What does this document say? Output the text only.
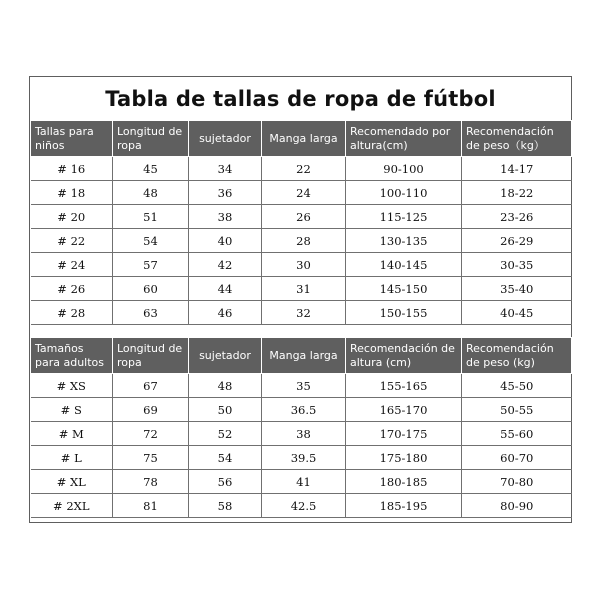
Tabla de tallas de ropa de fútbol
Tallas para niños	Longitud de ropa	sujetador	Manga larga	Recomendado por altura(cm)	Recomendación de peso（kg）
# 16	45	34	22	90-100	14-17
# 18	48	36	24	100-110	18-22
# 20	51	38	26	115-125	23-26
# 22	54	40	28	130-135	26-29
# 24	57	42	30	140-145	30-35
# 26	60	44	31	145-150	35-40
# 28	63	46	32	150-155	40-45
Tamaños para adultos	Longitud de ropa	sujetador	Manga larga	Recomendación de altura (cm)	Recomendación de peso (kg)
# XS	67	48	35	155-165	45-50
# S	69	50	36.5	165-170	50-55
# M	72	52	38	170-175	55-60
# L	75	54	39.5	175-180	60-70
# XL	78	56	41	180-185	70-80
# 2XL	81	58	42.5	185-195	80-90
